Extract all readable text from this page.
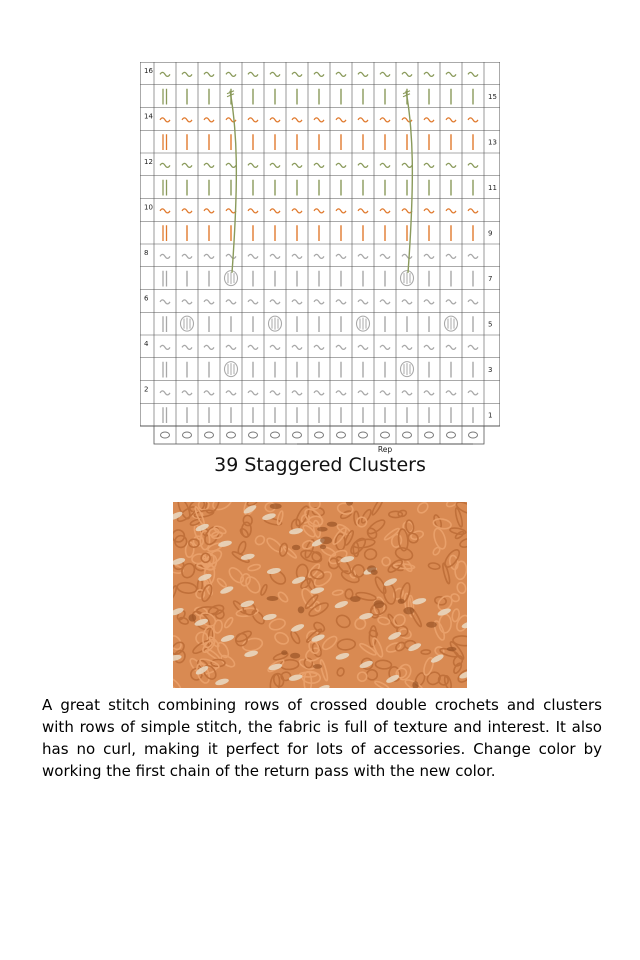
16
14
12
10
8
6
4
2
15
13
11
9
7
5
3
1
Rep
39 Staggered Clusters

A great stitch combining rows of crossed double crochets and clusters with rows of simple stitch, the fabric is full of texture and interest. It also has no curl, making it perfect for lots of accessories. Change color by working the first chain of the return pass with the new color.
